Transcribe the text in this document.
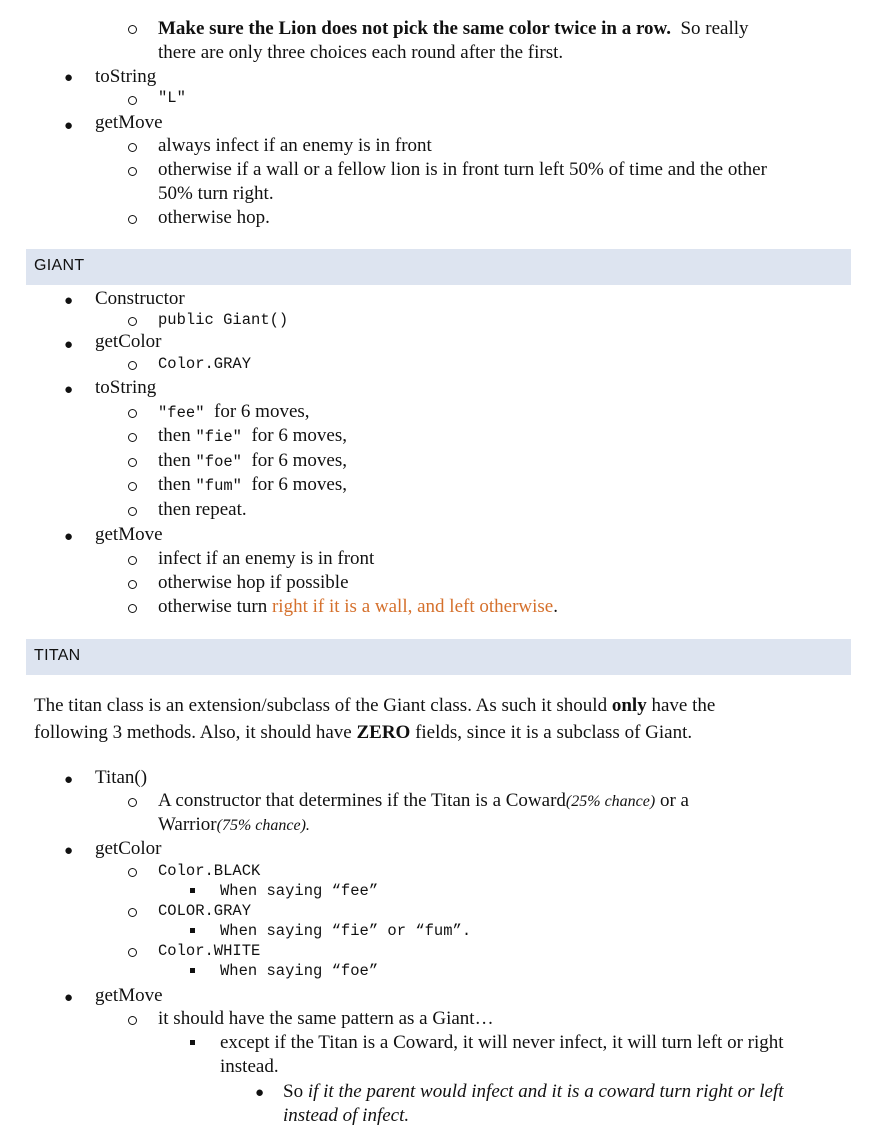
Make sure the Lion does not pick the same color twice in a row. So really
there are only three choices each round after the first.
● toString
"L"
● getMove
always infect if an enemy is in front
otherwise if a wall or a fellow lion is in front turn left 50% of time and the other
50% turn right.
otherwise hop.
GIANT
● Constructor
public Giant()
● getColor
Color.GRAY
● toString
"fee" for 6 moves,
then "fie" for 6 moves,
then "foe" for 6 moves,
then "fum" for 6 moves,
then repeat.
● getMove
infect if an enemy is in front
otherwise hop if possible
otherwise turn right if it is a wall, and left otherwise.
TITAN
The titan class is an extension/subclass of the Giant class. As such it should only have the
following 3 methods. Also, it should have ZERO fields, since it is a subclass of Giant.
● Titan()
A constructor that determines if the Titan is a Coward(25% chance) or a
Warrior(75% chance).
● getColor
Color.BLACK
When saying “fee”
COLOR.GRAY
When saying “fie” or “fum”.
Color.WHITE
When saying “foe”
● getMove
it should have the same pattern as a Giant…
except if the Titan is a Coward, it will never infect, it will turn left or right
instead.
● So if it the parent would infect and it is a coward turn right or left
instead of infect.
